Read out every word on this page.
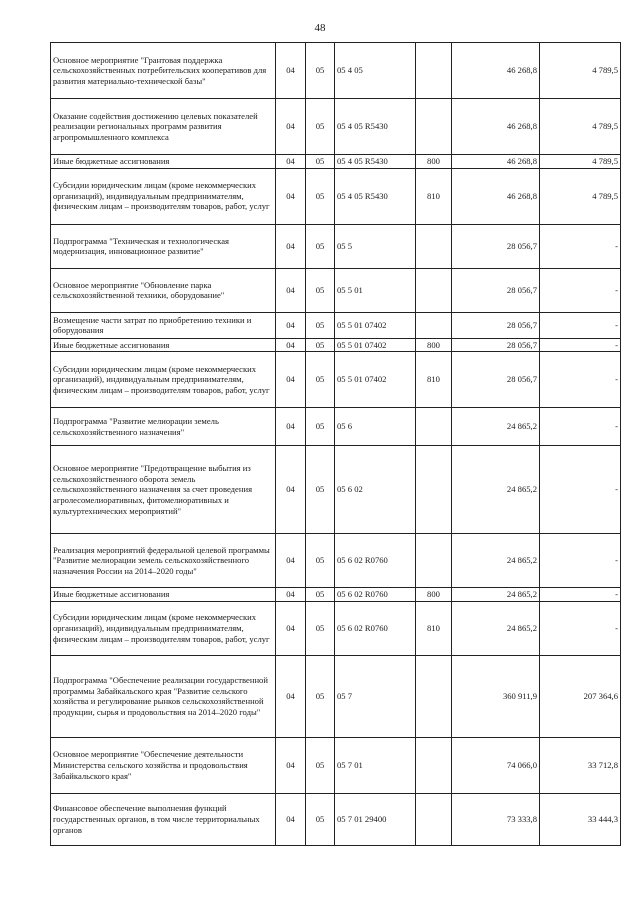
48
Основное мероприятие "Грантовая поддержка сельскохозяйственных потребительских кооперативов для развития материально-технической базы"	04	05	05 4 05		46 268,8	4 789,5
Оказание содействия достижению целевых показателей реализации региональных программ развития агропромышленного комплекса	04	05	05 4 05 R5430		46 268,8	4 789,5
Иные бюджетные ассигнования	04	05	05 4 05 R5430	800	46 268,8	4 789,5
Субсидии юридическим лицам (кроме некоммерческих организаций), индивидуальным предпринимателям, физическим лицам – производителям товаров, работ, услуг	04	05	05 4 05 R5430	810	46 268,8	4 789,5
Подпрограмма "Техническая и технологическая модернизация, инновационное развитие"	04	05	05 5		28 056,7	-
Основное мероприятие "Обновление парка сельскохозяйственной техники, оборудование"	04	05	05 5 01		28 056,7	-
Возмещение части затрат по приобретению техники и оборудования	04	05	05 5 01 07402		28 056,7	-
Иные бюджетные ассигнования	04	05	05 5 01 07402	800	28 056,7	-
Субсидии юридическим лицам (кроме некоммерческих организаций), индивидуальным предпринимателям, физическим лицам – производителям товаров, работ, услуг	04	05	05 5 01 07402	810	28 056,7	-
Подпрограмма "Развитие мелиорации земель сельскохозяйственного назначения"	04	05	05 6		24 865,2	-
Основное мероприятие "Предотвращение выбытия из сельскохозяйственного оборота земель сельскохозяйственного назначения за счет проведения агролесомелиоративных, фитомелиоративных и культуртехнических мероприятий"	04	05	05 6 02		24 865,2	-
Реализация мероприятий федеральной целевой программы "Развитие мелиорации земель сельскохозяйственного назначения России на 2014–2020 годы"	04	05	05 6 02 R0760		24 865,2	-
Иные бюджетные ассигнования	04	05	05 6 02 R0760	800	24 865,2	-
Субсидии юридическим лицам (кроме некоммерческих организаций), индивидуальным предпринимателям, физическим лицам – производителям товаров, работ, услуг	04	05	05 6 02 R0760	810	24 865,2	-
Подпрограмма "Обеспечение реализации государственной программы Забайкальского края "Развитие сельского хозяйства и регулирование рынков сельскохозяйственной продукции, сырья и продовольствия на 2014–2020 годы"	04	05	05 7		360 911,9	207 364,6
Основное мероприятие "Обеспечение деятельности Министерства сельского хозяйства и продовольствия Забайкальского края"	04	05	05 7 01		74 066,0	33 712,8
Финансовое обеспечение выполнения функций государственных органов, в том числе территориальных органов	04	05	05 7 01 29400		73 333,8	33 444,3
